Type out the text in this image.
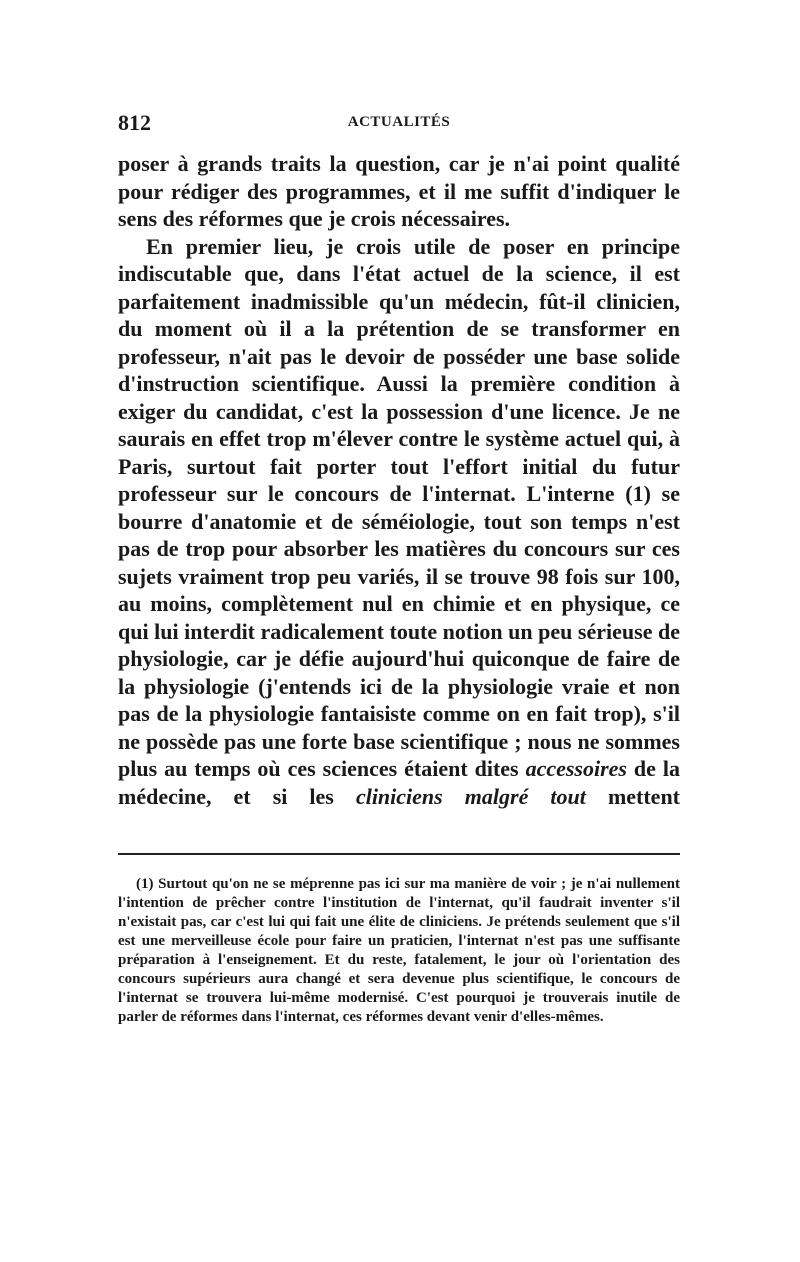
812	ACTUALITÉS

poser à grands traits la question, car je n'ai point qualité pour rédiger des programmes, et il me suffit d'indiquer le sens des réformes que je crois nécessaires.

En premier lieu, je crois utile de poser en principe indiscutable que, dans l'état actuel de la science, il est parfaitement inadmissible qu'un médecin, fût-il clinicien, du moment où il a la prétention de se transformer en professeur, n'ait pas le devoir de posséder une base solide d'instruction scientifique. Aussi la première condition à exiger du candidat, c'est la possession d'une licence. Je ne saurais en effet trop m'élever contre le système actuel qui, à Paris, surtout fait porter tout l'effort initial du futur professeur sur le concours de l'internat. L'interne (1) se bourre d'anatomie et de séméiologie, tout son temps n'est pas de trop pour absorber les matières du concours sur ces sujets vraiment trop peu variés, il se trouve 98 fois sur 100, au moins, complètement nul en chimie et en physique, ce qui lui interdit radicalement toute notion un peu sérieuse de physiologie, car je défie aujourd'hui quiconque de faire de la physiologie (j'entends ici de la physiologie vraie et non pas de la physiologie fantaisiste comme on en fait trop), s'il ne possède pas une forte base scientifique ; nous ne sommes plus au temps où ces sciences étaient dites accessoires de la médecine, et si les cliniciens malgré tout mettent

(1) Surtout qu'on ne se méprenne pas ici sur ma manière de voir ; je n'ai nullement l'intention de prêcher contre l'institution de l'internat, qu'il faudrait inventer s'il n'existait pas, car c'est lui qui fait une élite de cliniciens. Je prétends seulement que s'il est une merveilleuse école pour faire un praticien, l'internat n'est pas une suffisante préparation à l'enseignement. Et du reste, fatalement, le jour où l'orientation des concours supérieurs aura changé et sera devenue plus scientifique, le concours de l'internat se trouvera lui-même modernisé. C'est pourquoi je trouverais inutile de parler de réformes dans l'internat, ces réformes devant venir d'elles-mêmes.
